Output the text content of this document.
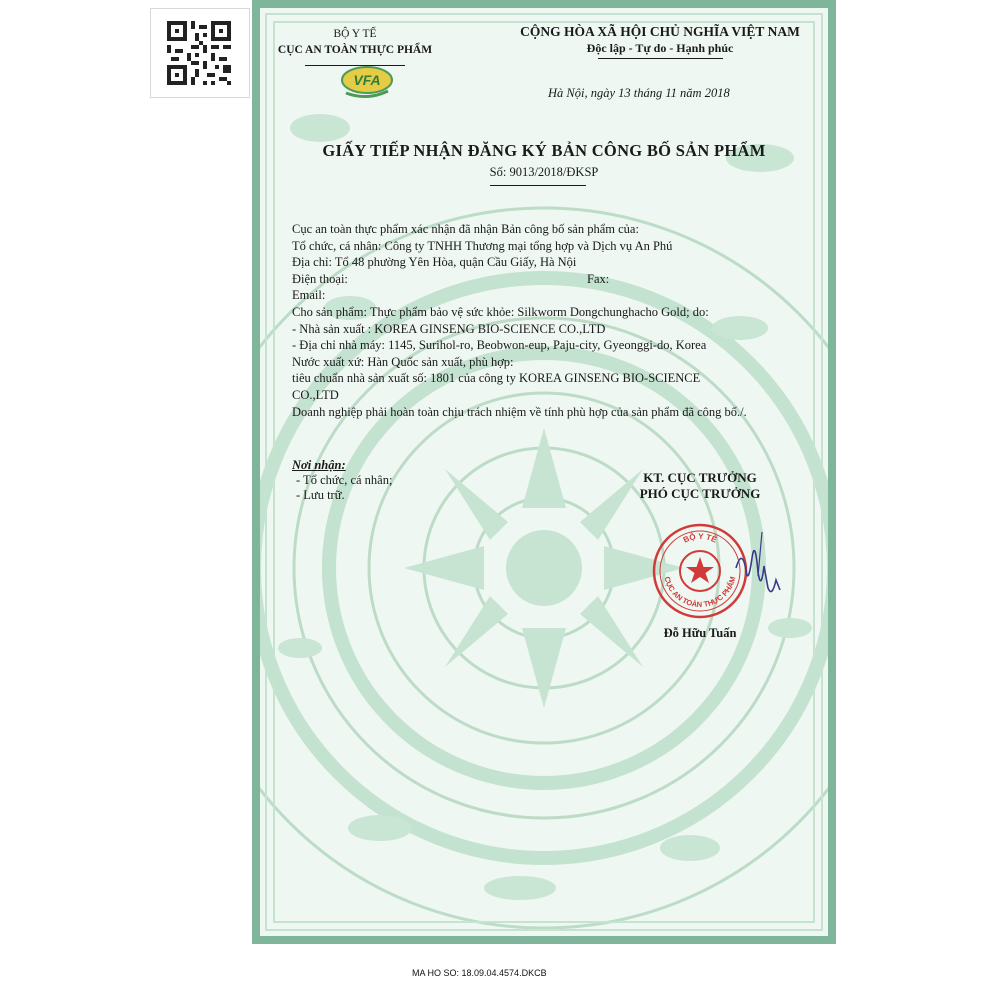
BỘ Y TẾ
CỤC AN TOÀN THỰC PHẨM
VFA
CỘNG HÒA XÃ HỘI CHỦ NGHĨA VIỆT NAM
Độc lập - Tự do - Hạnh phúc
Hà Nội, ngày 13 tháng 11 năm 2018
GIẤY TIẾP NHẬN ĐĂNG KÝ BẢN CÔNG BỐ SẢN PHẨM
Số: 9013/2018/ĐKSP
Cục an toàn thực phẩm xác nhận đã nhận Bản công bố sản phẩm của:
Tổ chức, cá nhân: Công ty TNHH Thương mại tổng hợp và Dịch vụ An Phú
Địa chỉ: Tổ 48 phường Yên Hòa, quận Cầu Giấy, Hà Nội
Điện thoại:	Fax:
Email:
Cho sản phẩm: Thực phẩm bảo vệ sức khỏe: Silkworm Dongchunghacho Gold; do:
- Nhà sản xuất : KOREA GINSENG BIO-SCIENCE CO.,LTD
- Địa chỉ nhà máy: 1145, Surihol-ro, Beobwon-eup, Paju-city, Gyeonggi-do, Korea
Nước xuất xứ: Hàn Quốc sản xuất, phù hợp:
tiêu chuẩn nhà sản xuất số: 1801 của công ty KOREA GINSENG BIO-SCIENCE
CO.,LTD
Doanh nghiệp phải hoàn toàn chịu trách nhiệm về tính phù hợp của sản phẩm đã công bố./.
Nơi nhận:
- Tổ chức, cá nhân;
- Lưu trữ.
KT. CỤC TRƯỞNG
PHÓ CỤC TRƯỞNG
BỘ Y TẾ
CỤC AN TOÀN THỰC PHẨM
Đỗ Hữu Tuấn
MA HO SO: 18.09.04.4574.DKCB
